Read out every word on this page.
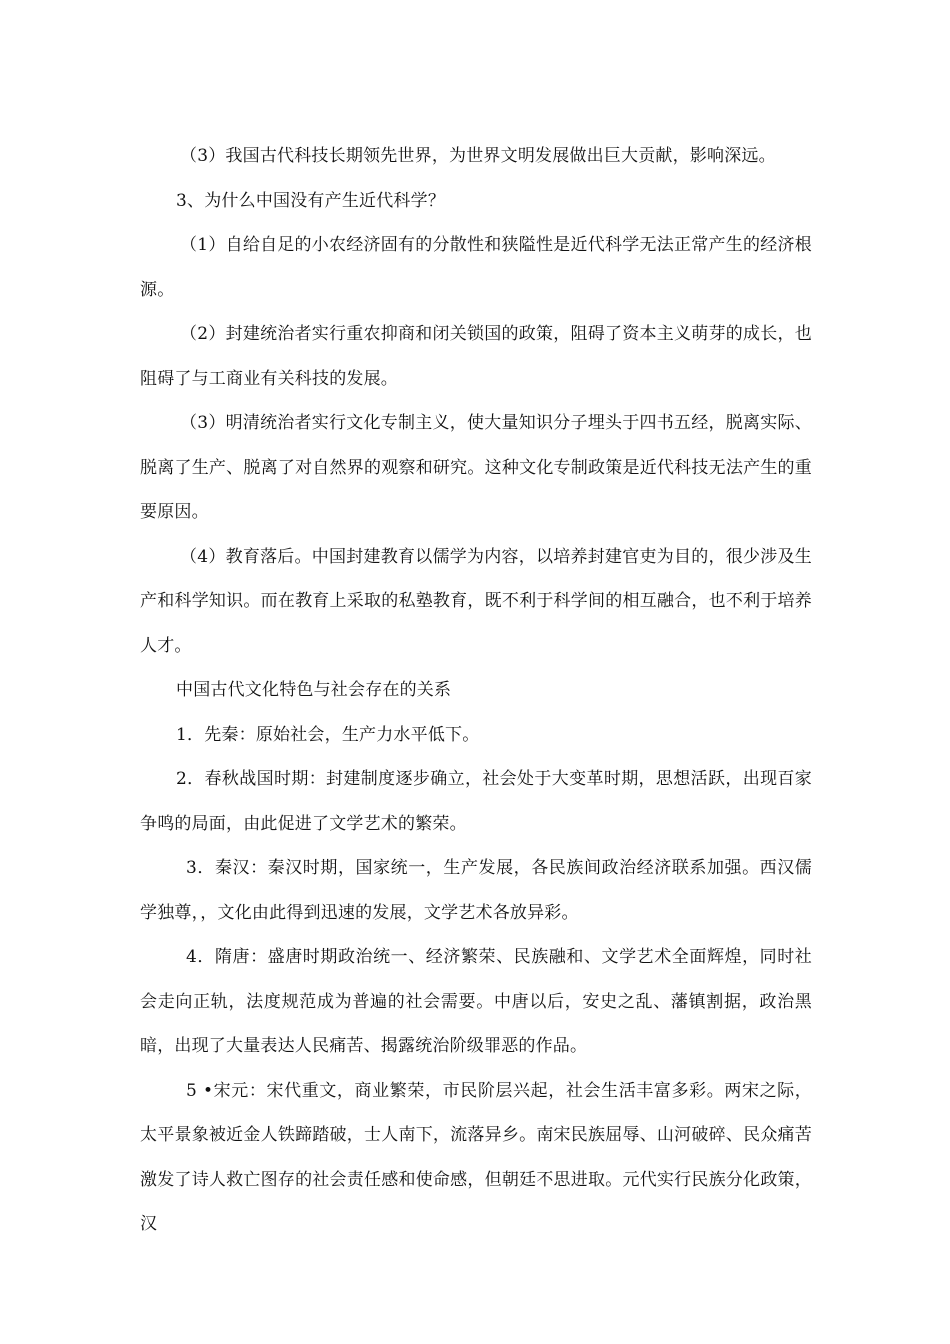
（3）我国古代科技长期领先世界，为世界文明发展做出巨大贡献，影响深远。

3、为什么中国没有产生近代科学？

（1）自给自足的小农经济固有的分散性和狭隘性是近代科学无法正常产生的经济根源。

（2）封建统治者实行重农抑商和闭关锁国的政策，阻碍了资本主义萌芽的成长，也阻碍了与工商业有关科技的发展。

（3）明清统治者实行文化专制主义，使大量知识分子埋头于四书五经，脱离实际、脱离了生产、脱离了对自然界的观察和研究。这种文化专制政策是近代科技无法产生的重要原因。

（4）教育落后。中国封建教育以儒学为内容，以培养封建官吏为目的，很少涉及生产和科学知识。而在教育上采取的私塾教育，既不利于科学间的相互融合，也不利于培养人才。

中国古代文化特色与社会存在的关系

1．先秦：原始社会，生产力水平低下。

2．春秋战国时期：封建制度逐步确立，社会处于大变革时期，思想活跃，出现百家争鸣的局面，由此促进了文学艺术的繁荣。

3．秦汉：秦汉时期，国家统一，生产发展，各民族间政治经济联系加强。西汉儒学独尊，，文化由此得到迅速的发展，文学艺术各放异彩。

4．隋唐：盛唐时期政治统一、经济繁荣、民族融和、文学艺术全面辉煌，同时社会走向正轨，法度规范成为普遍的社会需要。中唐以后，安史之乱、藩镇割据，政治黑暗，出现了大量表达人民痛苦、揭露统治阶级罪恶的作品。

5 •宋元：宋代重文，商业繁荣，市民阶层兴起，社会生活丰富多彩。两宋之际，太平景象被近金人铁蹄踏破，士人南下，流落异乡。南宋民族屈辱、山河破碎、民众痛苦激发了诗人救亡图存的社会责任感和使命感，但朝廷不思进取。元代实行民族分化政策，汉
